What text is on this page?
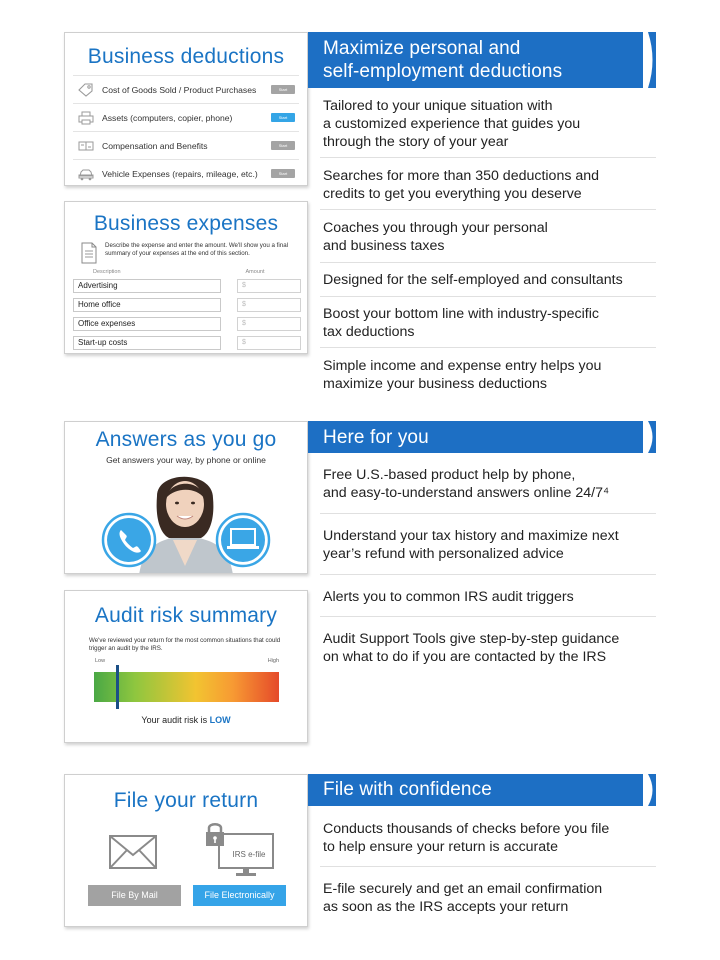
Business deductions
Cost of Goods Sold / Product Purchases	Start
Assets (computers, copier, phone)	Start
Compensation and Benefits	Start
Vehicle Expenses (repairs, mileage, etc.)	Start
Business expenses
Describe the expense and enter the amount. We'll show you a final summary of your expenses at the end of this section.
Description	Amount
Advertising	$
Home office	$
Office expenses	$
Start-up costs	$
Answers as you go
Get answers your way, by phone or online
Audit risk summary
We've reviewed your return for the most common situations that could trigger an audit by the IRS.
Low	High
Your audit risk is LOW
File your return
IRS e-file
File By Mail	File Electronically
Maximize personal and
self-employment deductions
Tailored to your unique situation with
a customized experience that guides you
through the story of your year
Searches for more than 350 deductions and
credits to get you everything you deserve
Coaches you through your personal
and business taxes
Designed for the self-employed and consultants
Boost your bottom line with industry-specific
tax deductions
Simple income and expense entry helps you
maximize your business deductions
Here for you
Free U.S.-based product help by phone,
and easy-to-understand answers online 24/7⁴
Understand your tax history and maximize next
year’s refund with personalized advice
Alerts you to common IRS audit triggers
Audit Support Tools give step-by-step guidance
on what to do if you are contacted by the IRS
File with confidence
Conducts thousands of checks before you file
to help ensure your return is accurate
E-file securely and get an email confirmation
as soon as the IRS accepts your return
